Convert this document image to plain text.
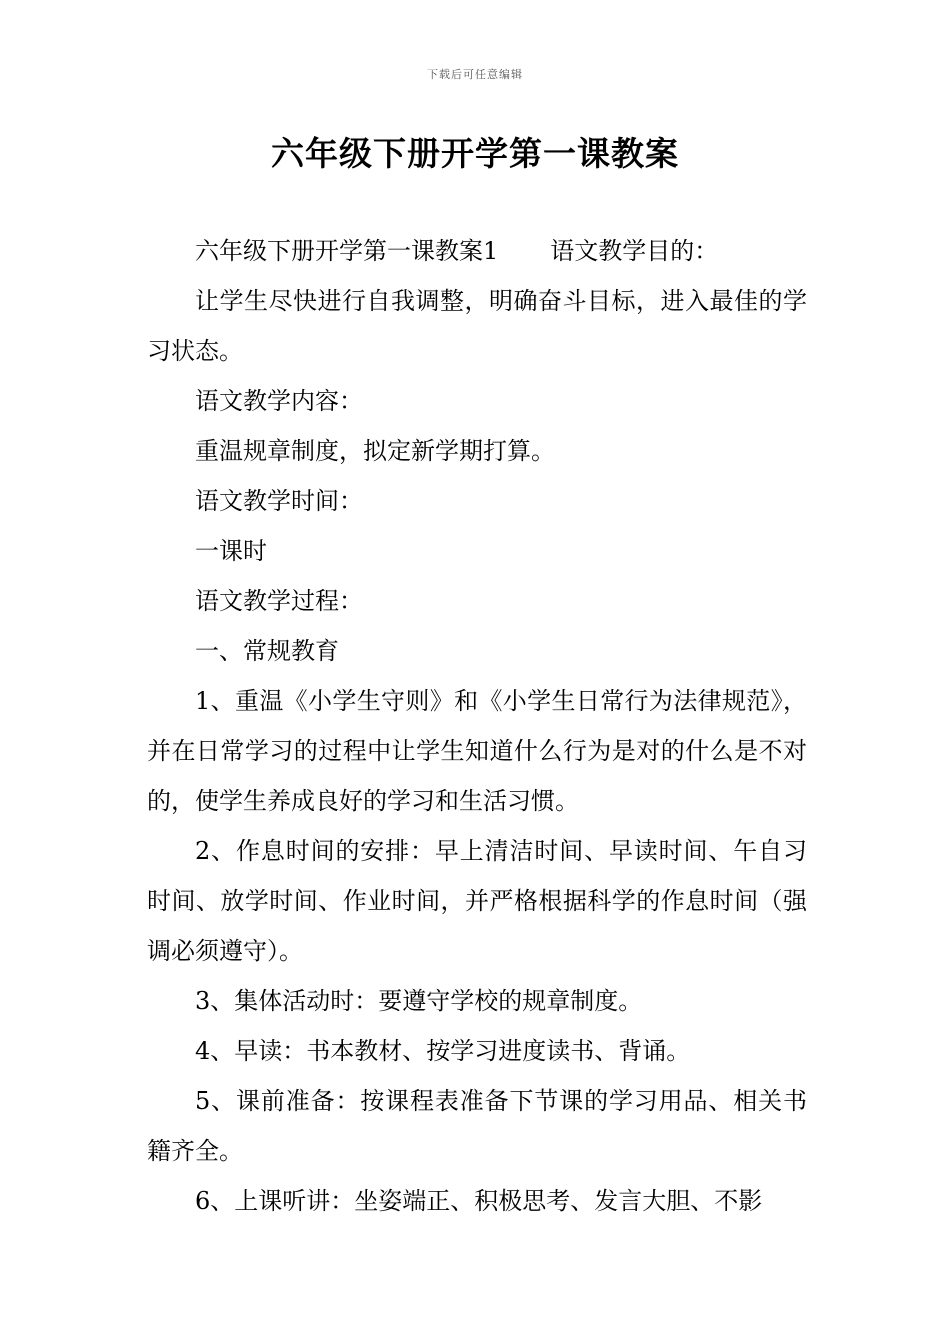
下载后可任意编辑
六年级下册开学第一课教案

六年级下册开学第一课教案1 语文教学目的：

让学生尽快进行自我调整，明确奋斗目标，进入最佳的学习状态。

语文教学内容：

重温规章制度，拟定新学期打算。

语文教学时间：

一课时

语文教学过程：

一、常规教育

1、重温《小学生守则》和《小学生日常行为法律规范》，并在日常学习的过程中让学生知道什么行为是对的什么是不对的，使学生养成良好的学习和生活习惯。

2、作息时间的安排：早上清洁时间、早读时间、午自习时间、放学时间、作业时间，并严格根据科学的作息时间（强调必须遵守）。

3、集体活动时：要遵守学校的规章制度。

4、早读：书本教材、按学习进度读书、背诵。

5、课前准备：按课程表准备下节课的学习用品、相关书籍齐全。

6、上课听讲：坐姿端正、积极思考、发言大胆、不影
